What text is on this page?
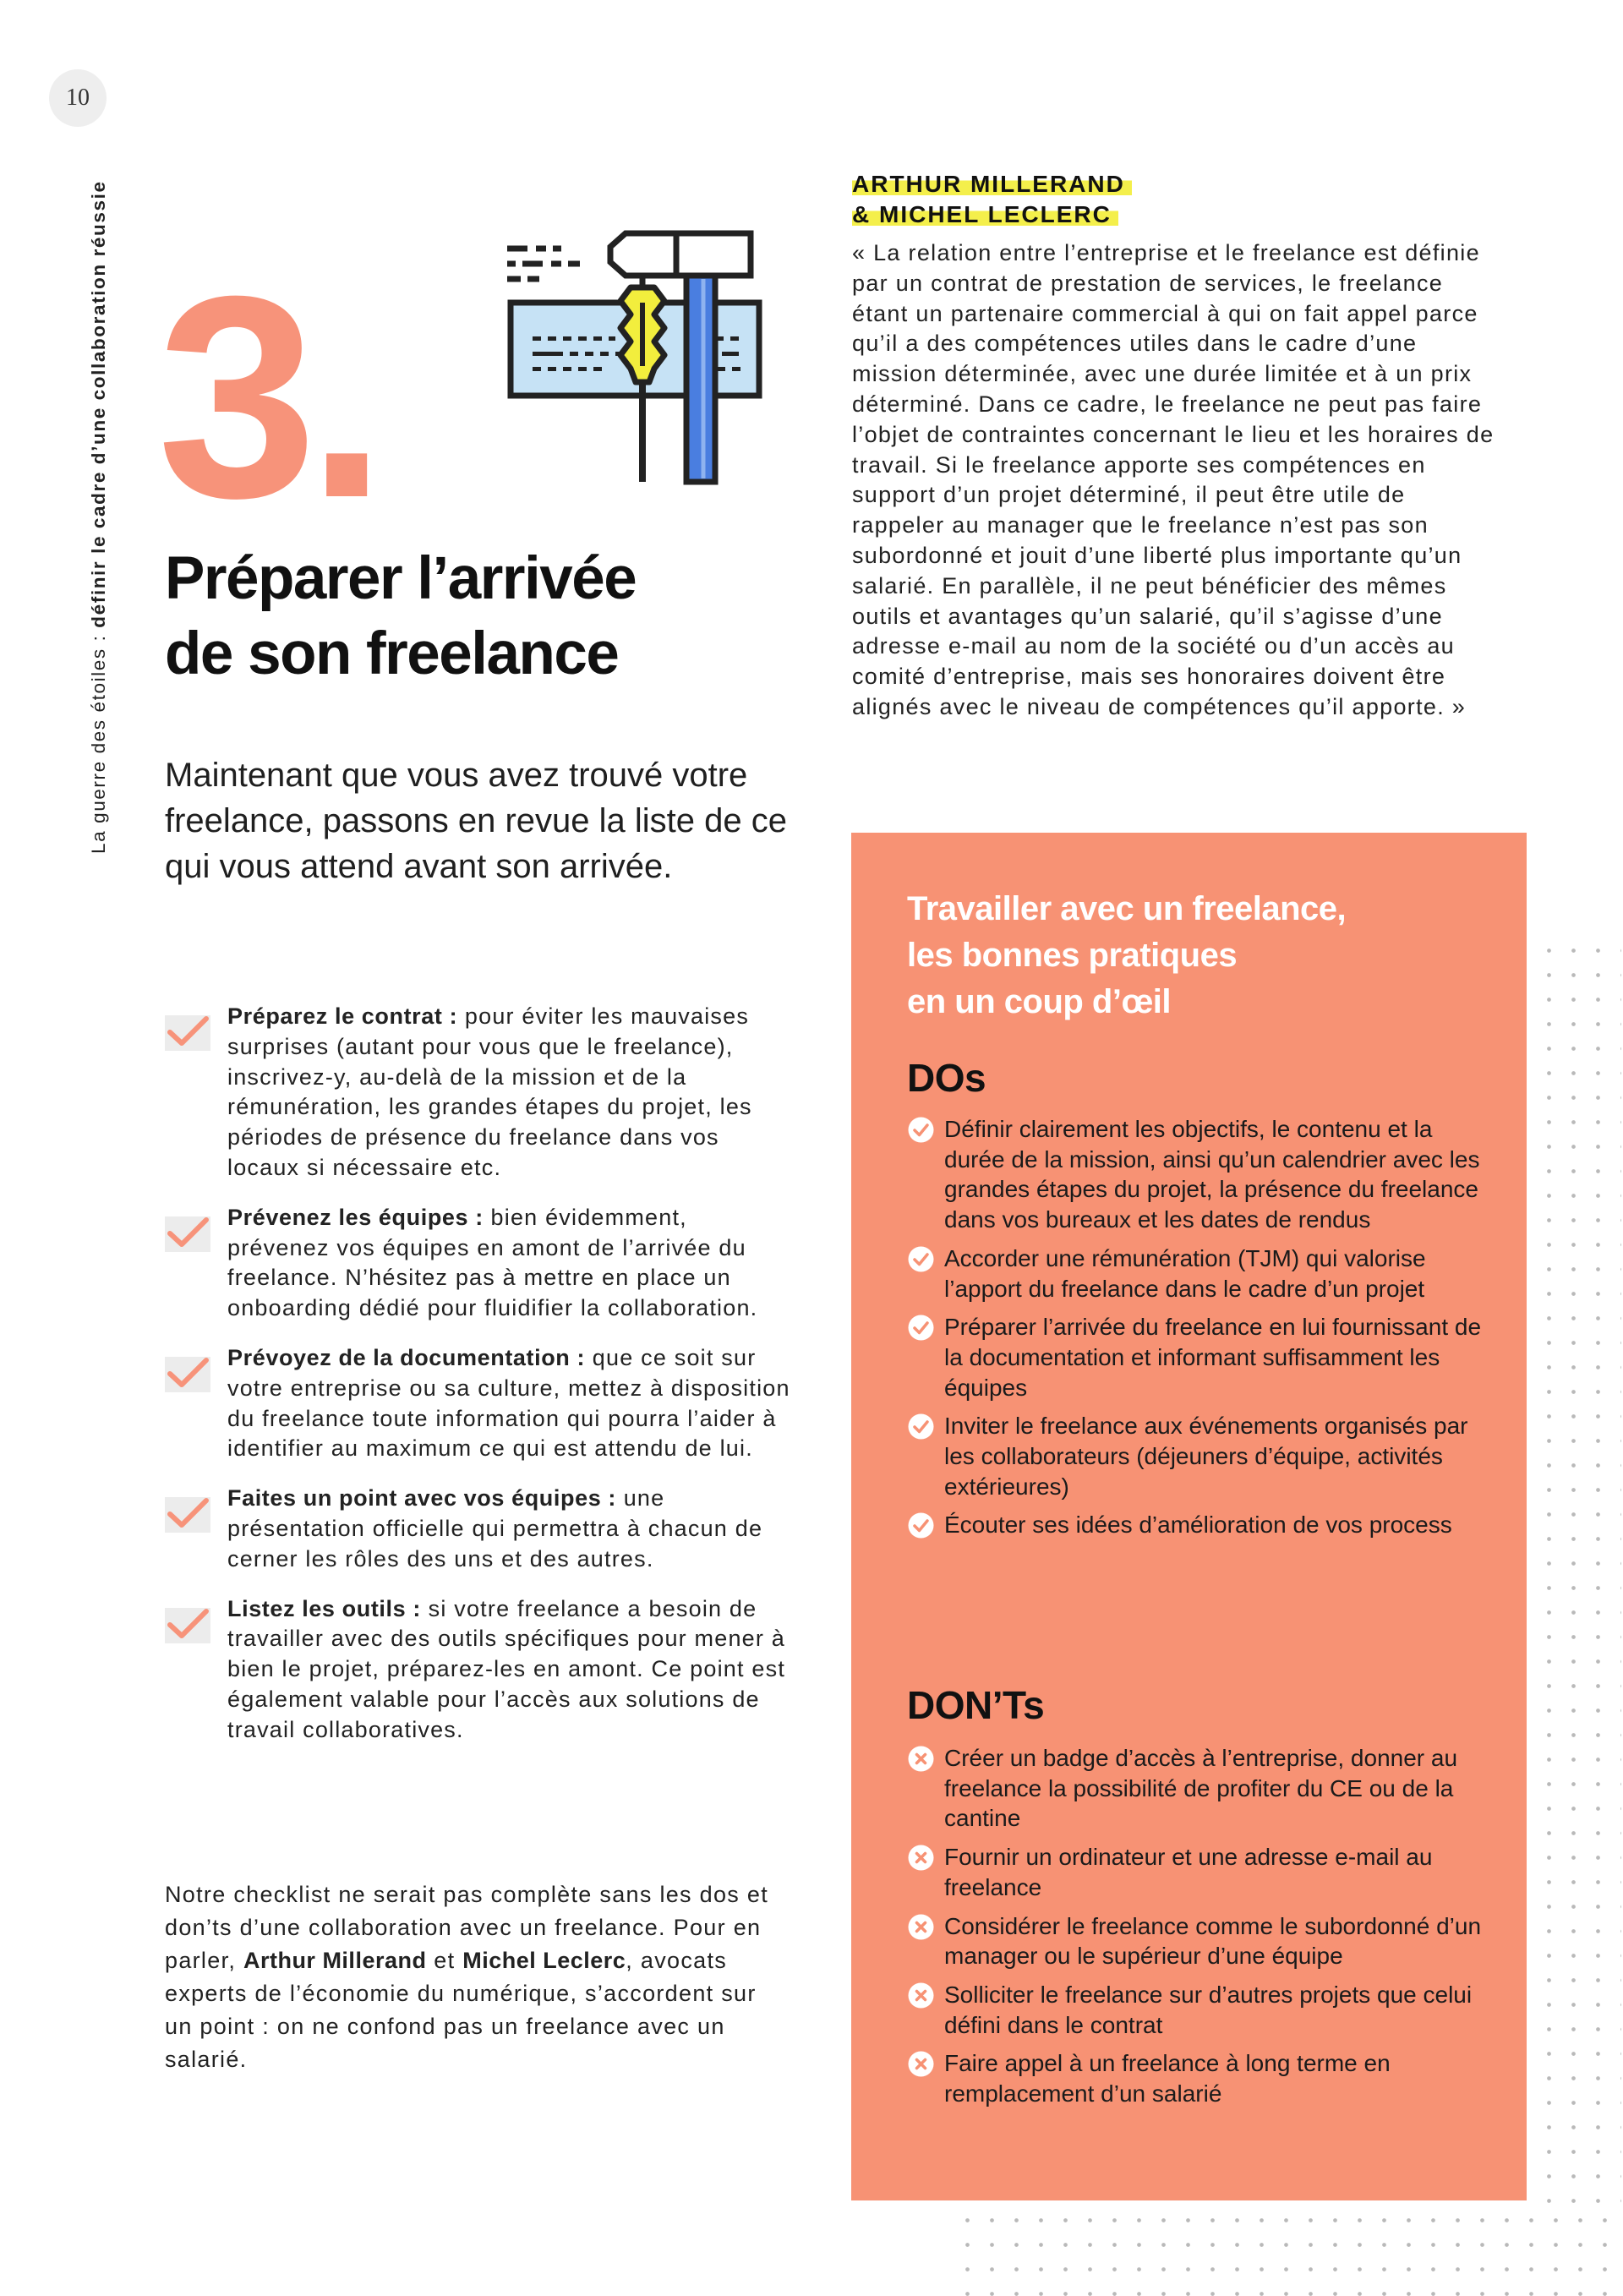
10
La guerre des étoiles : définir le cadre d’une collaboration réussie 3.
Préparer l’arrivée
de son freelance
Maintenant que vous avez trouvé votre freelance, passons en revue la liste de ce qui vous attend avant son arrivée.
Préparez le contrat : pour éviter les mauvaises surprises (autant pour vous que le freelance), inscrivez-y, au-delà de la mission et de la rémunération, les grandes étapes du projet, les périodes de présence du freelance dans vos locaux si nécessaire etc.
Prévenez les équipes : bien évidemment, prévenez vos équipes en amont de l’arrivée du freelance. N’hésitez pas à mettre en place un onboarding dédié pour fluidifier la collaboration.
Prévoyez de la documentation : que ce soit sur votre entreprise ou sa culture, mettez à disposition du freelance toute information qui pourra l’aider à identifier au maximum ce qui est attendu de lui.
Faites un point avec vos équipes : une présentation officielle qui permettra à chacun de cerner les rôles des uns et des autres.
Listez les outils : si votre freelance a besoin de travailler avec des outils spécifiques pour mener à bien le projet, préparez-les en amont. Ce point est également valable pour l’accès aux solutions de travail collaboratives.
Notre checklist ne serait pas complète sans les dos et don’ts d’une collaboration avec un freelance. Pour en parler, Arthur Millerand et Michel Leclerc, avocats experts de l’économie du numérique, s’accordent sur un point : on ne confond pas un freelance avec un salarié.
ARTHUR MILLERAND
& MICHEL LECLERC
« La relation entre l’entreprise et le freelance est définie par un contrat de prestation de services, le freelance étant un partenaire commercial à qui on fait appel parce qu’il a des compétences utiles dans le cadre d’une mission déterminée, avec une durée limitée et à un prix déterminé. Dans ce cadre, le freelance ne peut pas faire l’objet de contraintes concernant le lieu et les horaires de travail. Si le freelance apporte ses compétences en support d’un projet déterminé, il peut être utile de rappeler au manager que le freelance n’est pas son subordonné et jouit d’une liberté plus importante qu’un salarié. En parallèle, il ne peut bénéficier des mêmes outils et avantages qu’un salarié, qu’il s’agisse d’une adresse e-mail au nom de la société ou d’un accès au comité d’entreprise, mais ses honoraires doivent être alignés avec le niveau de compétences qu’il apporte. »
Travailler avec un freelance,
les bonnes pratiques
en un coup d’œil
DOs
Définir clairement les objectifs, le contenu et la durée de la mission, ainsi qu’un calendrier avec les grandes étapes du projet, la présence du freelance dans vos bureaux et les dates de rendus
Accorder une rémunération (TJM) qui valorise l’apport du freelance dans le cadre d’un projet
Préparer l’arrivée du freelance en lui fournissant de la documentation et informant suffisamment les équipes
Inviter le freelance aux événements organisés par les collaborateurs (déjeuners d’équipe, activités extérieures)
Écouter ses idées d’amélioration de vos process
DON’Ts
Créer un badge d’accès à l’entreprise, donner au freelance la possibilité de profiter du CE ou de la cantine
Fournir un ordinateur et une adresse e-mail au freelance
Considérer le freelance comme le subordonné d’un manager ou le supérieur d’une équipe
Solliciter le freelance sur d’autres projets que celui défini dans le contrat
Faire appel à un freelance à long terme en remplacement d’un salarié
